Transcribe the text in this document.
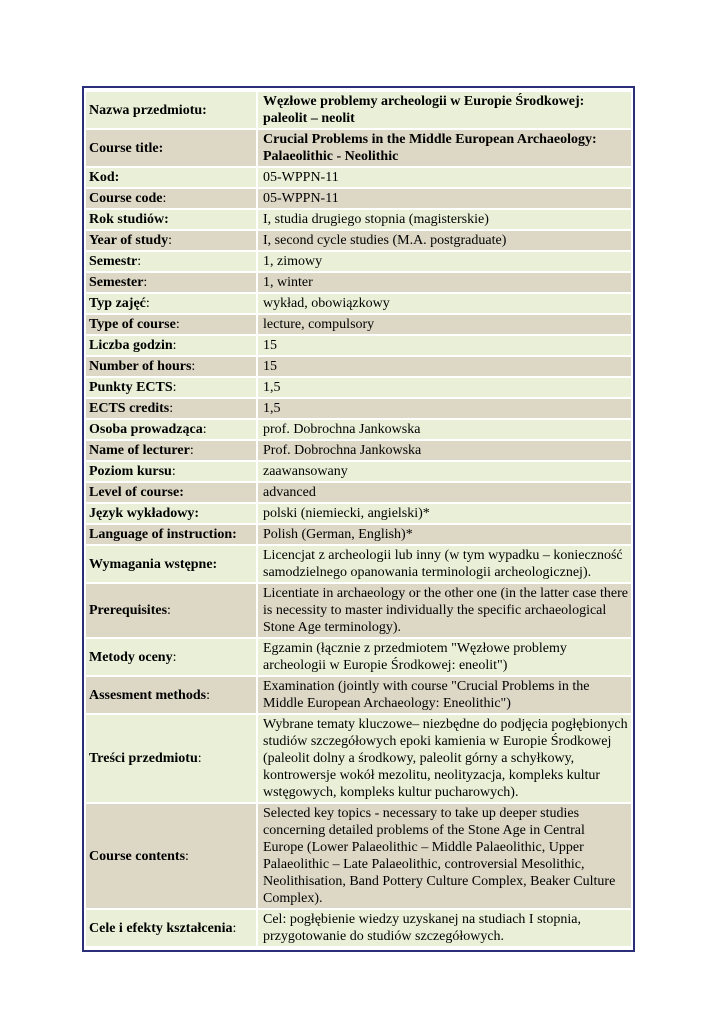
Nazwa przedmiotu:	Węzłowe problemy archeologii w Europie Środkowej: paleolit – neolit
Course title:	Crucial Problems in the Middle European Archaeology: Palaeolithic - Neolithic
Kod:	05-WPPN-11
Course code:	05-WPPN-11
Rok studiów:	I, studia drugiego stopnia (magisterskie)
Year of study:	I, second cycle studies (M.A. postgraduate)
Semestr:	1, zimowy
Semester:	1, winter
Typ zajęć:	wykład, obowiązkowy
Type of course:	lecture, compulsory
Liczba godzin:	15
Number of hours:	15
Punkty ECTS:	1,5
ECTS credits:	1,5
Osoba prowadząca:	prof. Dobrochna Jankowska
Name of lecturer:	Prof. Dobrochna Jankowska
Poziom kursu:	zaawansowany
Level of course:	advanced
Język wykładowy:	polski (niemiecki, angielski)*
Language of instruction:	Polish (German, English)*
Wymagania wstępne:	Licencjat z archeologii lub inny (w tym wypadku – konieczność samodzielnego opanowania terminologii archeologicznej).
Prerequisites:	Licentiate in archaeology or the other one (in the latter case there is necessity to master individually the specific archaeological Stone Age terminology).
Metody oceny:	Egzamin (łącznie z przedmiotem "Węzłowe problemy archeologii w Europie Środkowej: eneolit")
Assesment methods:	Examination (jointly with course "Crucial Problems in the Middle European Archaeology: Eneolithic")
Treści przedmiotu:	Wybrane tematy kluczowe– niezbędne do podjęcia pogłębionych studiów szczegółowych epoki kamienia w Europie Środkowej (paleolit dolny a środkowy, paleolit górny a schyłkowy, kontrowersje wokół mezolitu, neolityzacja, kompleks kultur wstęgowych, kompleks kultur pucharowych).
Course contents:	Selected key topics - necessary to take up deeper studies concerning detailed problems of the Stone Age in Central Europe (Lower Palaeolithic – Middle Palaeolithic, Upper Palaeolithic – Late Palaeolithic, controversial Mesolithic, Neolithisation, Band Pottery Culture Complex, Beaker Culture Complex).
Cele i efekty kształcenia:	Cel: pogłębienie wiedzy uzyskanej na studiach I stopnia, przygotowanie do studiów szczegółowych.
